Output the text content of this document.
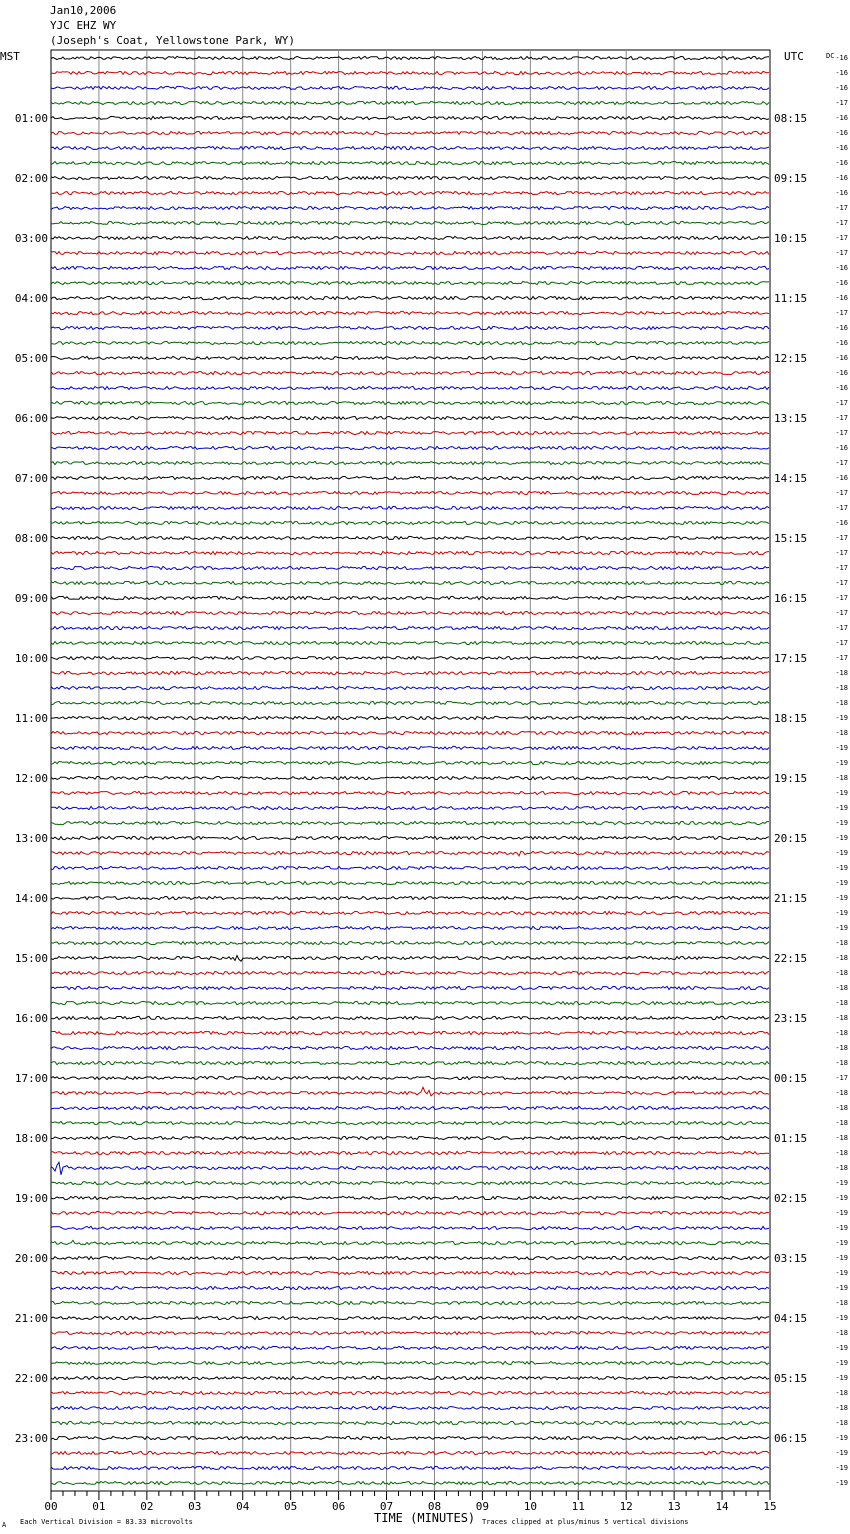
Jan10,2006
YJC EHZ WY
(Joseph's Coat, Yellowstone Park, WY)
MST	UTC	DC
01:00
02:00
03:00
04:00
05:00
06:00
07:00
08:00
09:00
10:00
11:00
12:00
13:00
14:00
15:00
16:00
17:00
18:00
19:00
20:00
21:00
22:00
23:00
08:15
09:15
10:15
11:15
12:15
13:15
14:15
15:15
16:15
17:15
18:15
19:15
20:15
21:15
22:15
23:15
00:15
01:15
02:15
03:15
04:15
05:15
06:15
-16
-16
-16
-17
-16
-16
-16
-16
-16
-16
-17
-17
-17
-17
-16
-16
-16
-17
-16
-16
-16
-16
-16
-17
-17
-17
-16
-17
-16
-17
-17
-16
-17
-17
-17
-17
-17
-17
-17
-17
-17
-18
-18
-18
-19
-18
-19
-19
-18
-19
-19
-19
-19
-19
-19
-19
-19
-19
-19
-18
-18
-18
-18
-18
-18
-18
-18
-18
-17
-18
-18
-18
-18
-18
-18
-19
-19
-19
-19
-19
-19
-19
-19
-18
-19
-18
-19
-19
-19
-18
-18
-18
-19
-19
-19
-19
00	01	02	03	04	05	06	07	08	09	10	11	12	13	14	15
TIME (MINUTES)
Each Vertical Division = 83.33 microvolts	Traces clipped at plus/minus 5 vertical divisions
A
